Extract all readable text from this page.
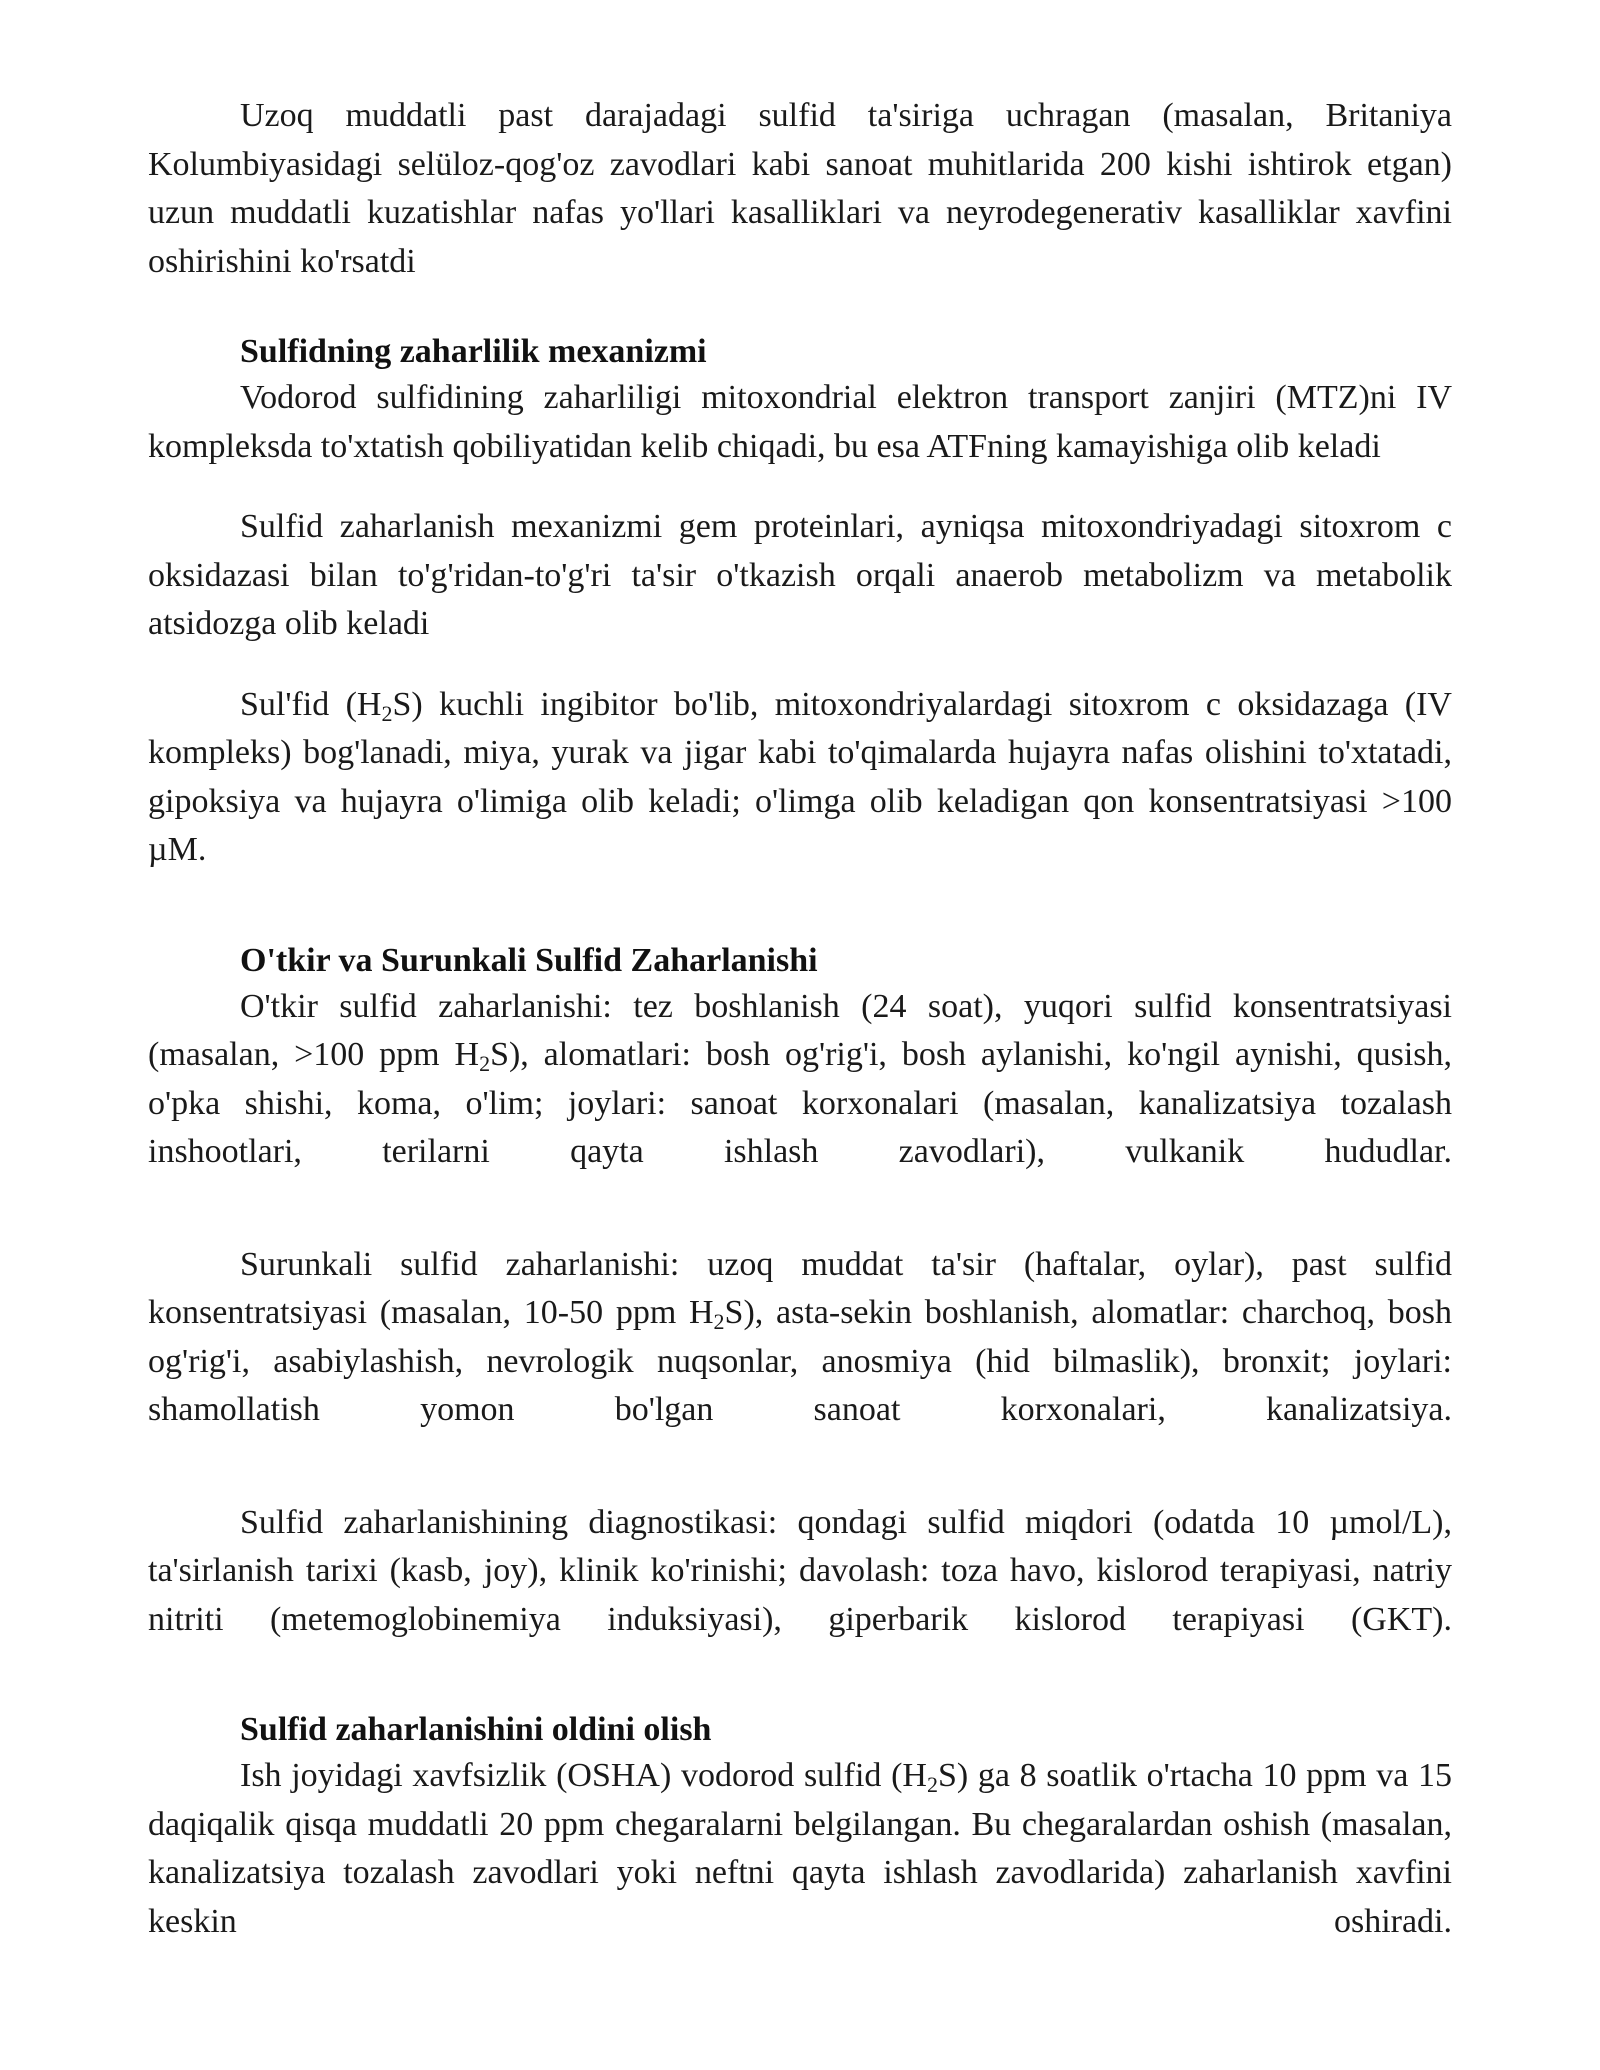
Uzoq muddatli past darajadagi sulfid ta'siriga uchragan (masalan, Britaniya Kolumbiyasidagi selüloz-qog'oz zavodlari kabi sanoat muhitlarida 200 kishi ishtirok etgan) uzun muddatli kuzatishlar nafas yo'llari kasalliklari va neyrodegenerativ kasalliklar xavfini oshirishini ko'rsatdi

Sulfidning zaharlilik mexanizmi

Vodorod sulfidining zaharliligi mitoxondrial elektron transport zanjiri (MTZ)ni IV kompleksda to'xtatish qobiliyatidan kelib chiqadi, bu esa ATFning kamayishiga olib keladi

Sulfid zaharlanish mexanizmi gem proteinlari, ayniqsa mitoxondriyadagi sitoxrom c oksidazasi bilan to'g'ridan-to'g'ri ta'sir o'tkazish orqali anaerob metabolizm va metabolik atsidozga olib keladi

Sul'fid $(H_2S)$ kuchli ingibitor bo'lib, mitoxondriyalardagi sitoxrom c oksidazaga (IV kompleks) bog'lanadi, miya, yurak va jigar kabi to'qimalarda hujayra nafas olishini to'xtatadi, gipoksiya va hujayra o'limiga olib keladi; o'limga olib keladigan qon konsentratsiyasi >100 µM.

O'tkir va Surunkali Sulfid Zaharlanishi

O'tkir sulfid zaharlanishi: tez boshlanish (24 soat), yuqori sulfid konsentratsiyasi (masalan, >100 ppm $H_2S$), alomatlari: bosh og'rig'i, bosh aylanishi, ko'ngil aynishi, qusish, o'pka shishi, koma, o'lim; joylari: sanoat korxonalari (masalan, kanalizatsiya tozalash inshootlari, terilarni qayta ishlash zavodlari), vulkanik hududlar.

Surunkali sulfid zaharlanishi: uzoq muddat ta'sir (haftalar, oylar), past sulfid konsentratsiyasi (masalan, 10-50 ppm $H_2S$), asta-sekin boshlanish, alomatlar: charchoq, bosh og'rig'i, asabiylashish, nevrologik nuqsonlar, anosmiya (hid bilmaslik), bronxit; joylari: shamollatish yomon bo'lgan sanoat korxonalari, kanalizatsiya.

Sulfid zaharlanishining diagnostikasi: qondagi sulfid miqdori (odatda 10 µmol/L), ta'sirlanish tarixi (kasb, joy), klinik ko'rinishi; davolash: toza havo, kislorod terapiyasi, natriy nitriti (metemoglobinemiya induksiyasi), giperbarik kislorod terapiyasi (GKT).

Sulfid zaharlanishini oldini olish

Ish joyidagi xavfsizlik (OSHA) vodorod sulfid $(H_2S)$ ga 8 soatlik o'rtacha 10 ppm va 15 daqiqalik qisqa muddatli 20 ppm chegaralarni belgilangan. Bu chegaralardan oshish (masalan, kanalizatsiya tozalash zavodlari yoki neftni qayta ishlash zavodlarida) zaharlanish xavfini keskin oshiradi.
